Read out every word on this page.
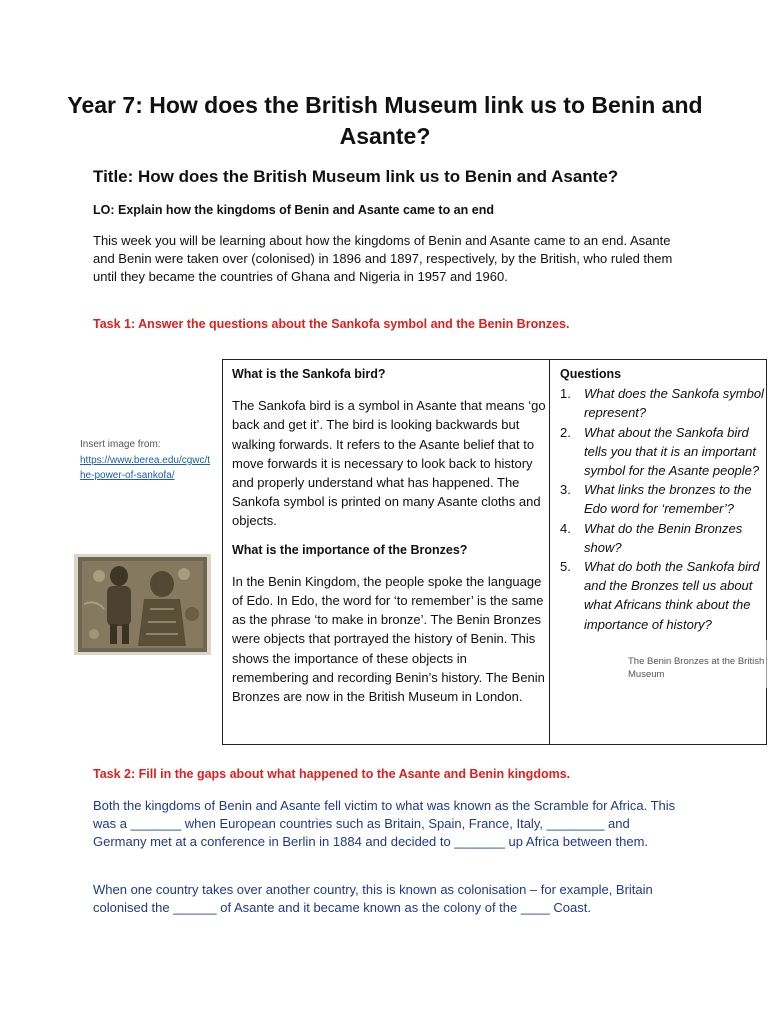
Year 7: How does the British Museum link us to Benin and Asante?
Title: How does the British Museum link us to Benin and Asante?
LO: Explain how the kingdoms of Benin and Asante came to an end

This week you will be learning about how the kingdoms of Benin and Asante came to an end. Asante and Benin were taken over (colonised) in 1896 and 1897, respectively, by the British, who ruled them until they became the countries of Ghana and Nigeria in 1957 and 1960.

Task 1: Answer the questions about the Sankofa symbol and the Benin Bronzes.

What is the Sankofa bird?

The Sankofa bird is a symbol in Asante that means ‘go back and get it’. The bird is looking backwards but walking forwards. It refers to the Asante belief that to move forwards it is necessary to look back to history and properly understand what has happened. The Sankofa symbol is printed on many Asante cloths and objects.

What is the importance of the Bronzes?

In the Benin Kingdom, the people spoke the language of Edo. In Edo, the word for ‘to remember’ is the same as the phrase ‘to make in bronze’. The Benin Bronzes were objects that portrayed the history of Benin. This shows the importance of these objects in remembering and recording Benin’s history. The Benin Bronzes are now in the British Museum in London.

Questions
1. What does the Sankofa symbol represent?
2. What about the Sankofa bird tells you that it is an important symbol for the Asante people?
3. What links the bronzes to the Edo word for ‘remember’?
4. What do the Benin Bronzes show?
5. What do both the Sankofa bird and the Bronzes tell us about what Africans think about the importance of history?
Insert image from:
https://www.berea.edu/cgwc/the-power-of-sankofa/
The Benin Bronzes at the British Museum
Task 2: Fill in the gaps about what happened to the Asante and Benin kingdoms.

Both the kingdoms of Benin and Asante fell victim to what was known as the Scramble for Africa. This was a _______ when European countries such as Britain, Spain, France, Italy, ________ and Germany met at a conference in Berlin in 1884 and decided to _______ up Africa between them.

When one country takes over another country, this is known as colonisation – for example, Britain colonised the ______ of Asante and it became known as the colony of the ____ Coast.
